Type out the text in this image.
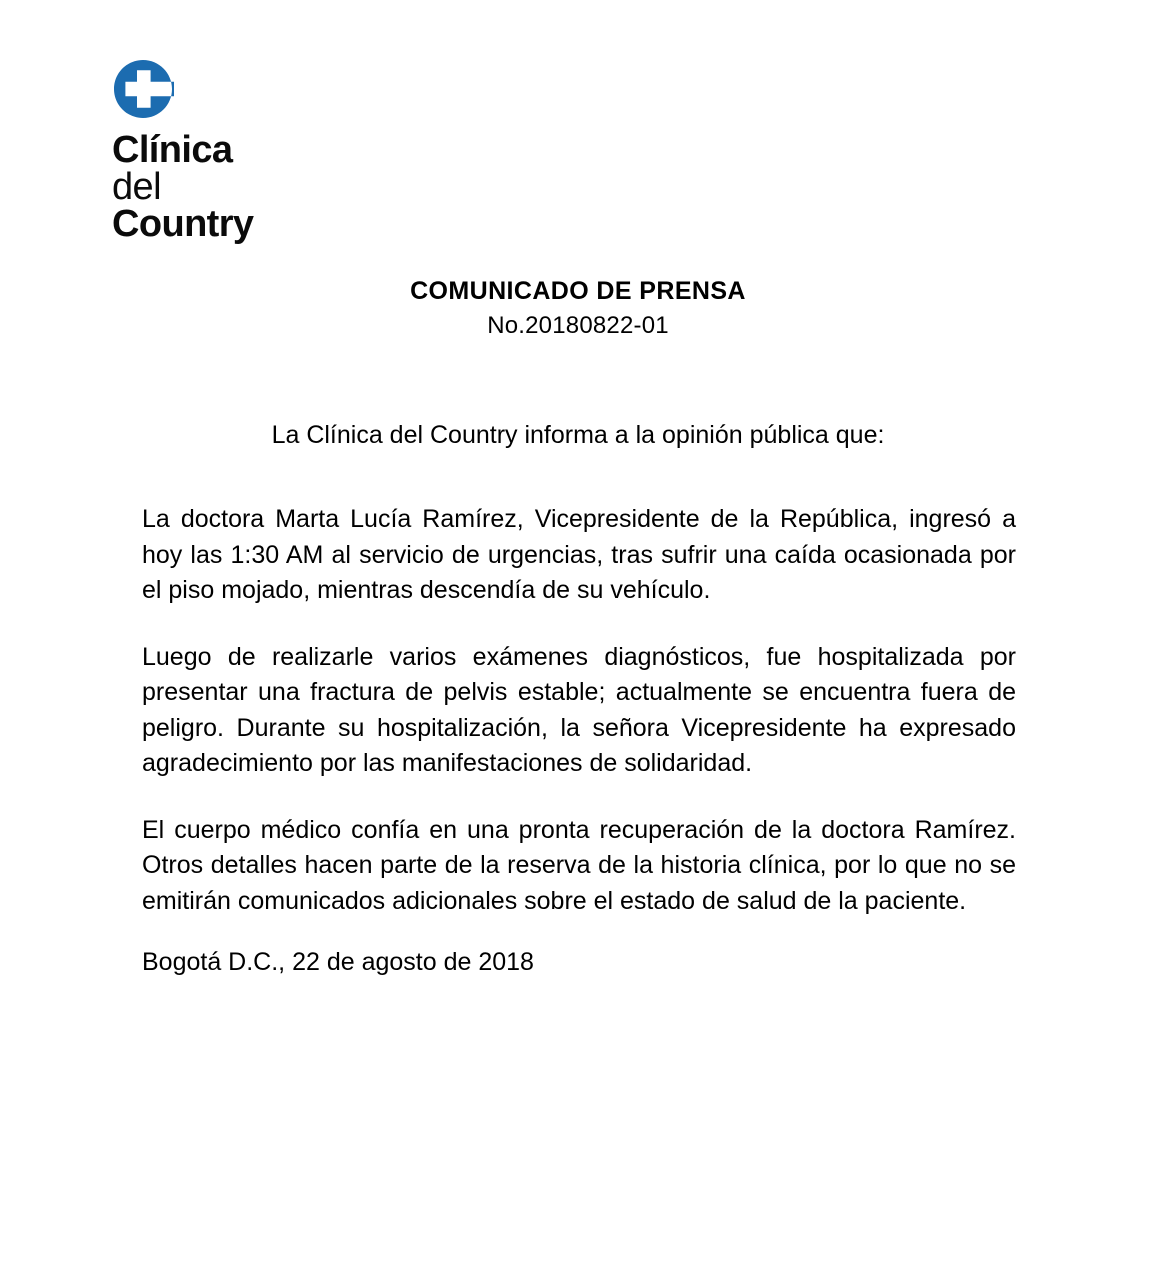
Clínica
del
Country

COMUNICADO DE PRENSA

No.20180822-01

La Clínica del Country informa a la opinión pública que:

La doctora Marta Lucía Ramírez, Vicepresidente de la República, ingresó a hoy las 1:30 AM al servicio de urgencias, tras sufrir una caída ocasionada por el piso mojado, mientras descendía de su vehículo.

Luego de realizarle varios exámenes diagnósticos, fue hospitalizada por presentar una fractura de pelvis estable; actualmente se encuentra fuera de peligro. Durante su hospitalización, la señora Vicepresidente ha expresado agradecimiento por las manifestaciones de solidaridad.

El cuerpo médico confía en una pronta recuperación de la doctora Ramírez. Otros detalles hacen parte de la reserva de la historia clínica, por lo que no se emitirán comunicados adicionales sobre el estado de salud de la paciente.

Bogotá D.C., 22 de agosto de 2018
